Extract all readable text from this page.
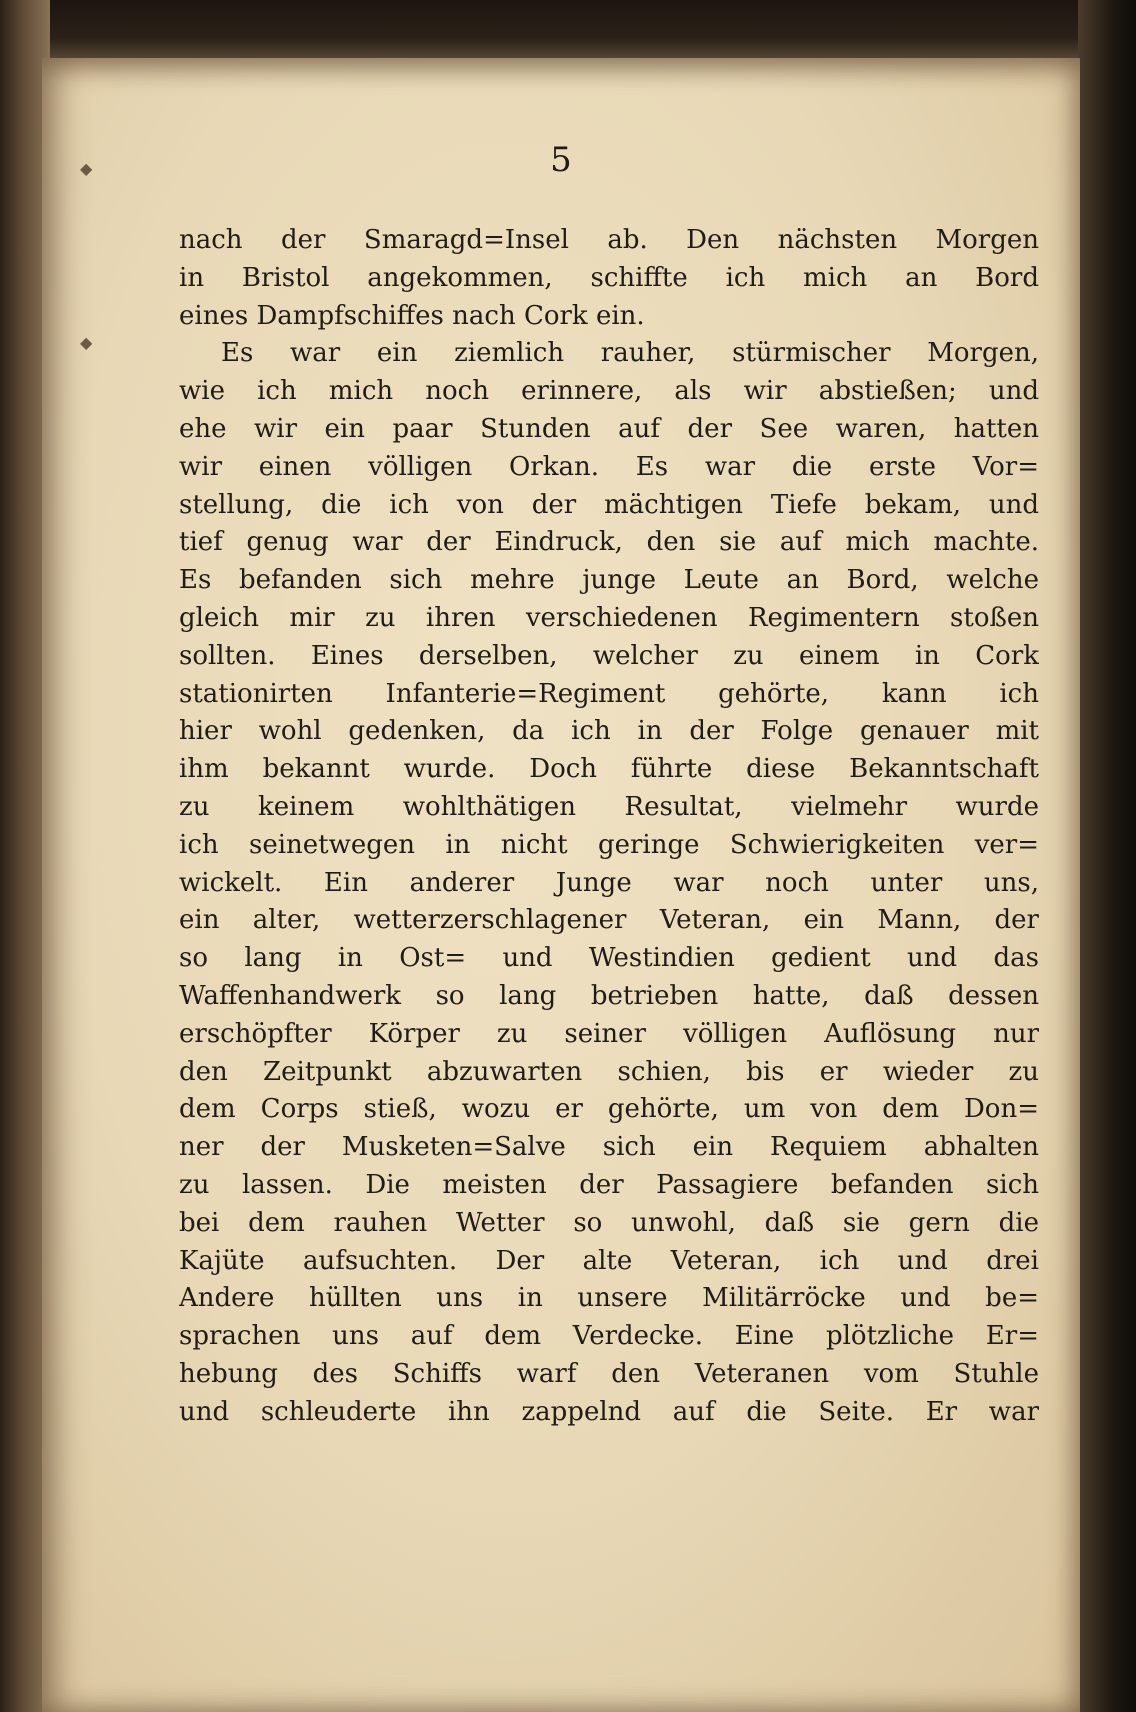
◆
◆
5
nach der Smaragd=Insel ab. Den nächsten Morgen
in Bristol angekommen, schiffte ich mich an Bord
eines Dampfschiffes nach Cork ein.
Es war ein ziemlich rauher, stürmischer Morgen,
wie ich mich noch erinnere, als wir abstießen; und
ehe wir ein paar Stunden auf der See waren, hatten
wir einen völligen Orkan. Es war die erste Vor=
stellung, die ich von der mächtigen Tiefe bekam, und
tief genug war der Eindruck, den sie auf mich machte.
Es befanden sich mehre junge Leute an Bord, welche
gleich mir zu ihren verschiedenen Regimentern stoßen
sollten. Eines derselben, welcher zu einem in Cork
stationirten Infanterie=Regiment gehörte, kann ich
hier wohl gedenken, da ich in der Folge genauer mit
ihm bekannt wurde. Doch führte diese Bekanntschaft
zu keinem wohlthätigen Resultat, vielmehr wurde
ich seinetwegen in nicht geringe Schwierigkeiten ver=
wickelt. Ein anderer Junge war noch unter uns,
ein alter, wetterzerschlagener Veteran, ein Mann, der
so lang in Ost= und Westindien gedient und das
Waffenhandwerk so lang betrieben hatte, daß dessen
erschöpfter Körper zu seiner völligen Auflösung nur
den Zeitpunkt abzuwarten schien, bis er wieder zu
dem Corps stieß, wozu er gehörte, um von dem Don=
ner der Musketen=Salve sich ein Requiem abhalten
zu lassen. Die meisten der Passagiere befanden sich
bei dem rauhen Wetter so unwohl, daß sie gern die
Kajüte aufsuchten. Der alte Veteran, ich und drei
Andere hüllten uns in unsere Militärröcke und be=
sprachen uns auf dem Verdecke. Eine plötzliche Er=
hebung des Schiffs warf den Veteranen vom Stuhle
und schleuderte ihn zappelnd auf die Seite. Er war
